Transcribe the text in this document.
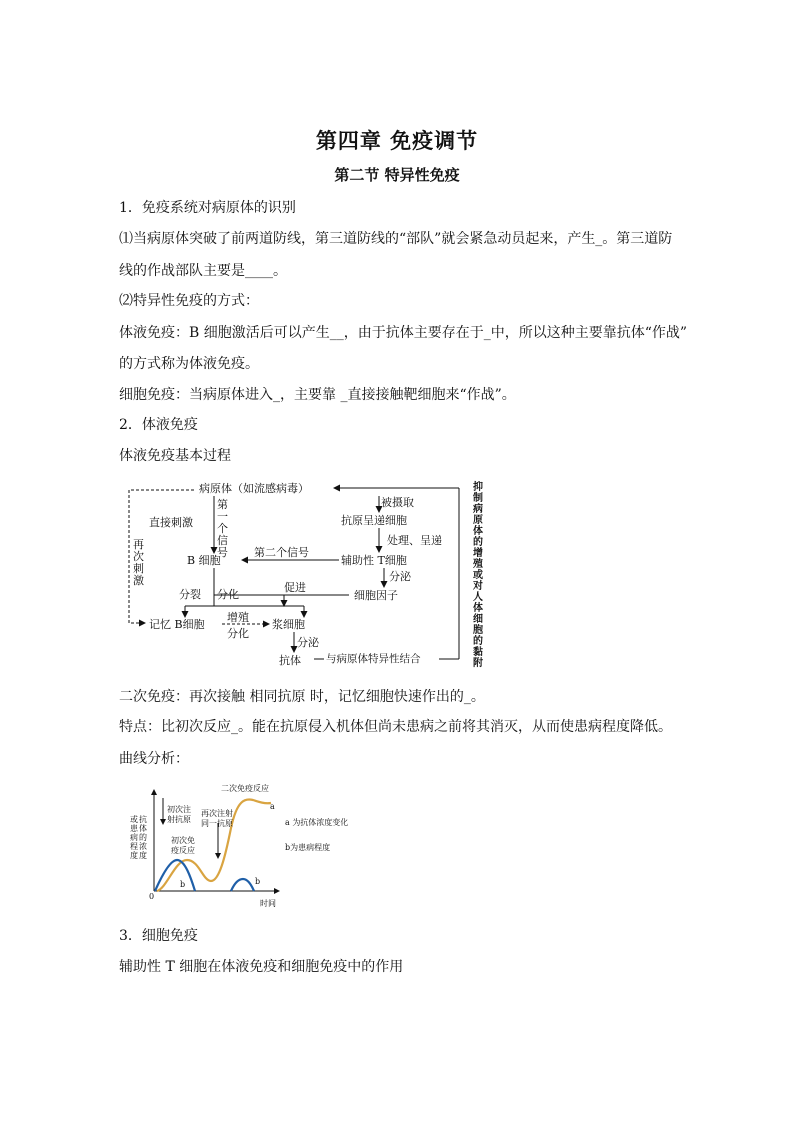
第四章 免疫调节
第二节 特异性免疫
1．免疫系统对病原体的识别
⑴当病原体突破了前两道防线，第三道防线的“部队”就会紧急动员起来，产生_。第三道防
线的作战部队主要是____。
⑵特异性免疫的方式：
体液免疫：B 细胞激活后可以产生__，由于抗体主要存在于_中，所以这种主要靠抗体“作战”
的方式称为体液免疫。
细胞免疫：当病原体进入_，主要靠 _直接接触靶细胞来“作战”。
2．体液免疫
体液免疫基本过程
病原体（如流感病毒）
被摄取
抗原呈递细胞
处理、呈递
辅助性 T细胞
分泌
细胞因子
促进
直接刺激
第二个信号
B 细胞
分裂 分化
记忆 B细胞
增殖
分化
浆细胞
分泌
抗体 与病原体特异性结合
第
一
个
信
号
再
次
刺
激
抑
制
病
原
体
的
增
殖
或
对
人
体
细
胞
的
黏
附
二次免疫：再次接触 相同抗原 时，记忆细胞快速作出的_。
特点：比初次反应_。能在抗原侵入机体但尚未患病之前将其消灭，从而使患病程度降低。
曲线分析：
抗
体
的
浓
度
或
患
病
程
度
初次注
射抗原
再次注射
同一抗原
初次免
疫反应
二次免疫反应
a
b	b
0
时间
a 为抗体浓度变化
b为患病程度
3．细胞免疫
辅助性 T 细胞在体液免疫和细胞免疫中的作用
